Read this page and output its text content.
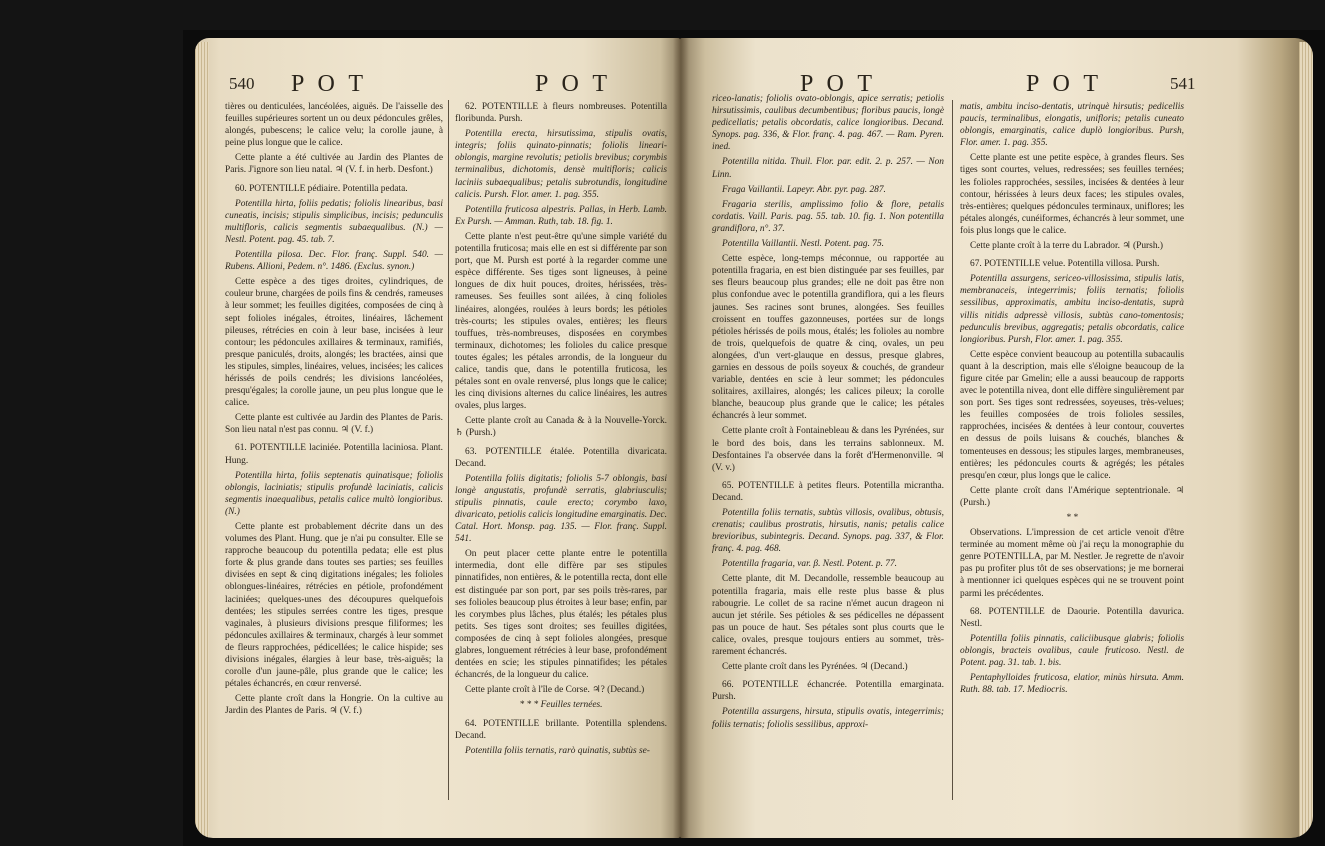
540 P O T	P O T

tières ou denticulées, lancéolées, aiguës. De l'aisselle des feuilles supérieures sortent un ou deux pédoncules grêles, alongés, pubescens; le calice velu; la corolle jaune, à peine plus longue que le calice.

Cette plante a été cultivée au Jardin des Plantes de Paris. J'ignore son lieu natal. ♃ (V. f. in herb. Desfont.)

60. POTENTILLE pédiaire. Potentilla pedata.

Potentilla hirta, foliis pedatis; foliolis linearibus, basi cuneatis, incisis; stipulis simplicibus, incisis; pedunculis multifloris, calicis segmentis subaequalibus. (N.) — Nestl. Potent. pag. 45. tab. 7.

Potentilla pilosa. Dec. Flor. franç. Suppl. 540. — Rubens. Allioni, Pedem. n°. 1486. (Exclus. synon.)

Cette espèce a des tiges droites, cylindriques, de couleur brune, chargées de poils fins & cendrés, rameuses à leur sommet; les feuilles digitées, composées de cinq à sept folioles inégales, étroites, linéaires, lâchement pileuses, rétrécies en coin à leur base, incisées à leur contour; les pédoncules axillaires & terminaux, ramifiés, presque paniculés, droits, alongés; les bractées, ainsi que les stipules, simples, linéaires, velues, incisées; les calices hérissés de poils cendrés; les divisions lancéolées, presqu'égales; la corolle jaune, un peu plus longue que le calice.

Cette plante est cultivée au Jardin des Plantes de Paris. Son lieu natal n'est pas connu. ♃ (V. f.)

61. POTENTILLE laciniée. Potentilla laciniosa. Plant. Hung.

Potentilla hirta, foliis septenatis quinatisque; foliolis oblongis, laciniatis; stipulis profundè laciniatis, calicis segmentis inaequalibus, petalis calice multò longioribus. (N.)

Cette plante est probablement décrite dans un des volumes des Plant. Hung. que je n'ai pu consulter. Elle se rapproche beaucoup du potentilla pedata; elle est plus forte & plus grande dans toutes ses parties; ses feuilles divisées en sept & cinq digitations inégales; les folioles oblongues-linéaires, rétrécies en pétiole, profondément laciniées; quelques-unes des découpures quelquefois dentées; les stipules serrées contre les tiges, presque vaginales, à plusieurs divisions presque filiformes; les pédoncules axillaires & terminaux, chargés à leur sommet de fleurs rapprochées, pédicellées; le calice hispide; ses divisions inégales, élargies à leur base, très-aiguës; la corolle d'un jaune-pâle, plus grande que le calice; les pétales échancrés, en cœur renversé.

Cette plante croît dans la Hongrie. On la cultive au Jardin des Plantes de Paris. ♃ (V. f.)

62. POTENTILLE à fleurs nombreuses. Potentilla floribunda. Pursh.

Potentilla erecta, hirsutissima, stipulis ovatis, integris; foliis quinato-pinnatis; foliolis lineari-oblongis, margine revolutis; petiolis brevibus; corymbis terminalibus, dichotomis, densè multifloris; calicis laciniis subaequalibus; petalis subrotundis, longitudine calicis. Pursh. Flor. amer. 1. pag. 355.

Potentilla fruticosa alpestris. Pallas, in Herb. Lamb. Ex Pursh. — Amman. Ruth, tab. 18. fig. 1.

Cette plante n'est peut-être qu'une simple variété du potentilla fruticosa; mais elle en est si différente par son port, que M. Pursh est porté à la regarder comme une espèce différente. Ses tiges sont ligneuses, à peine longues de dix huit pouces, droites, hérissées, très-rameuses. Ses feuilles sont ailées, à cinq folioles linéaires, alongées, roulées à leurs bords; les pétioles très-courts; les stipules ovales, entières; les fleurs touffues, très-nombreuses, disposées en corymbes terminaux, dichotomes; les folioles du calice presque toutes égales; les pétales arrondis, de la longueur du calice, tandis que, dans le potentilla fruticosa, les pétales sont en ovale renversé, plus longs que le calice; les cinq divisions alternes du calice linéaires, les autres ovales, plus larges.

Cette plante croît au Canada & à la Nouvelle-Yorck. ♄ (Pursh.)

63. POTENTILLE étalée. Potentilla divaricata. Decand.

Potentilla foliis digitatis; foliolis 5-7 oblongis, basi longè angustatis, profundè serratis, glabriusculis; stipulis pinnatis, caule erecto; corymbo laxo, divaricato, petiolis calicis longitudine emarginatis. Dec. Catal. Hort. Monsp. pag. 135. — Flor. franç. Suppl. 541.

On peut placer cette plante entre le potentilla intermedia, dont elle diffère par ses stipules pinnatifides, non entières, & le potentilla recta, dont elle est distinguée par son port, par ses poils très-rares, par ses folioles beaucoup plus étroites à leur base; enfin, par les corymbes plus lâches, plus étalés; les pétales plus petits. Ses tiges sont droites; ses feuilles digitées, composées de cinq à sept folioles alongées, presque glabres, longuement rétrécies à leur base, profondément dentées en scie; les stipules pinnatifides; les pétales échancrés, de la longueur du calice.

Cette plante croît à l'île de Corse. ♃? (Decand.)

* * * Feuilles ternées.

64. POTENTILLE brillante. Potentilla splendens. Decand.

Potentilla foliis ternatis, rarò quinatis, subtùs se-

P O T	P O T	541

riceo-lanatis; foliolis ovato-oblongis, apice serratis; petiolis hirsutissimis, caulibus decumbentibus; floribus paucis, longè pedicellatis; petalis obcordatis, calice longioribus. Decand. Synops. pag. 336, & Flor. franç. 4. pag. 467. — Ram. Pyren. ined.

Potentilla nitida. Thuil. Flor. par. edit. 2. p. 257. — Non Linn.

Fraga Vaillantii. Lapeyr. Abr. pyr. pag. 287.

Fragaria sterilis, amplissimo folio & flore, petalis cordatis. Vaill. Paris. pag. 55. tab. 10. fig. 1. Non potentilla grandiflora, n°. 37.

Potentilla Vaillantii. Nestl. Potent. pag. 75.

Cette espèce, long-temps méconnue, ou rapportée au potentilla fragaria, en est bien distinguée par ses feuilles, par ses fleurs beaucoup plus grandes; elle ne doit pas être non plus confondue avec le potentilla grandiflora, qui a les fleurs jaunes. Ses racines sont brunes, alongées. Ses feuilles croissent en touffes gazonneuses, portées sur de longs pétioles hérissés de poils mous, étalés; les folioles au nombre de trois, quelquefois de quatre & cinq, ovales, un peu alongées, d'un vert-glauque en dessus, presque glabres, garnies en dessous de poils soyeux & couchés, de grandeur variable, dentées en scie à leur sommet; les pédoncules solitaires, axillaires, alongés; les calices pileux; la corolle blanche, beaucoup plus grande que le calice; les pétales échancrés à leur sommet.

Cette plante croît à Fontainebleau & dans les Pyrénées, sur le bord des bois, dans les terrains sablonneux. M. Desfontaines l'a observée dans la forêt d'Hermenonville. ♃ (V. v.)

65. POTENTILLE à petites fleurs. Potentilla micrantha. Decand.

Potentilla foliis ternatis, subtùs villosis, ovalibus, obtusis, crenatis; caulibus prostratis, hirsutis, nanis; petalis calice brevioribus, subintegris. Decand. Synops. pag. 337, & Flor. franç. 4. pag. 468.

Potentilla fragaria, var. β. Nestl. Potent. p. 77.

Cette plante, dit M. Decandolle, ressemble beaucoup au potentilla fragaria, mais elle reste plus basse & plus rabougrie. Le collet de sa racine n'émet aucun drageon ni aucun jet stérile. Ses pétioles & ses pédicelles ne dépassent pas un pouce de haut. Ses pétales sont plus courts que le calice, ovales, presque toujours entiers au sommet, très-rarement échancrés.

Cette plante croît dans les Pyrénées. ♃ (Decand.)

66. POTENTILLE échancrée. Potentilla emarginata. Pursh.

Potentilla assurgens, hirsuta, stipulis ovatis, integerrimis; foliis ternatis; foliolis sessilibus, approxi-

matis, ambitu inciso-dentatis, utrinquè hirsutis; pedicellis paucis, terminalibus, elongatis, unifloris; petalis cuneato oblongis, emarginatis, calice duplò longioribus. Pursh, Flor. amer. 1. pag. 355.

Cette plante est une petite espèce, à grandes fleurs. Ses tiges sont courtes, velues, redressées; ses feuilles ternées; les folioles rapprochées, sessiles, incisées & dentées à leur contour, hérissées à leurs deux faces; les stipules ovales, très-entières; quelques pédoncules terminaux, uniflores; les pétales alongés, cunéiformes, échancrés à leur sommet, une fois plus longs que le calice.

Cette plante croît à la terre du Labrador. ♃ (Pursh.)

67. POTENTILLE velue. Potentilla villosa. Pursh.

Potentilla assurgens, sericeo-villosissima, stipulis latis, membranaceis, integerrimis; foliis ternatis; foliolis sessilibus, approximatis, ambitu inciso-dentatis, suprà villis nitidis adpressè villosis, subtùs cano-tomentosis; pedunculis brevibus, aggregatis; petalis obcordatis, calice longioribus. Pursh, Flor. amer. 1. pag. 355.

Cette espèce convient beaucoup au potentilla subacaulis quant à la description, mais elle s'éloigne beaucoup de la figure citée par Gmelin; elle a aussi beaucoup de rapports avec le potentilla nivea, dont elle diffère singulièrement par son port. Ses tiges sont redressées, soyeuses, très-velues; les feuilles composées de trois folioles sessiles, rapprochées, incisées & dentées à leur contour, couvertes en dessus de poils luisans & couchés, blanches & tomenteuses en dessous; les stipules larges, membraneuses, entières; les pédoncules courts & agrégés; les pétales presqu'en cœur, plus longs que le calice.

Cette plante croît dans l'Amérique septentrionale. ♃ (Pursh.)

* *

Observations. L'impression de cet article venoit d'être terminée au moment même où j'ai reçu la monographie du genre POTENTILLA, par M. Nestler. Je regrette de n'avoir pas pu profiter plus tôt de ses observations; je me bornerai à mentionner ici quelques espèces qui ne se trouvent point parmi les précédentes.

68. POTENTILLE de Daourie. Potentilla davurica. Nestl.

Potentilla foliis pinnatis, caliciibusque glabris; foliolis oblongis, bracteis ovalibus, caule fruticoso. Nestl. de Potent. pag. 31. tab. 1. bis.

Pentaphylloides fruticosa, elatior, minùs hirsuta. Amm. Ruth. 88. tab. 17. Mediocris.
